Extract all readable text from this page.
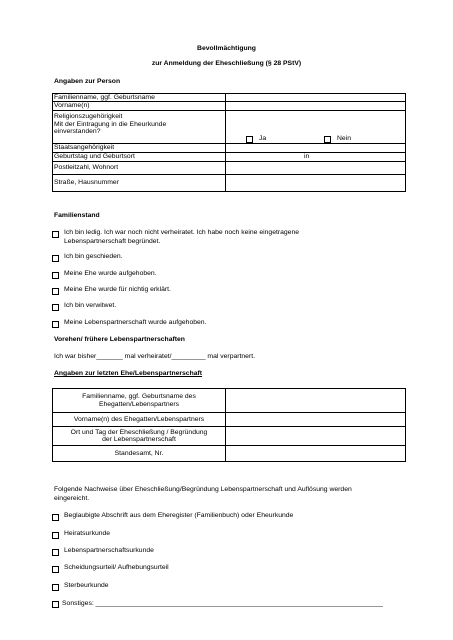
Bevollmächtigung
zur Anmeldung der Eheschließung (§ 28 PStV)
Angaben zur Person
Familienname, ggf. Geburtsname	
Vorname(n)	

Religionszugehörigkeit
Mit der Eintragung in die Eheurkunde
einverstanden?	Ja Nein

Staatsangehörigkeit	
Geburtstag und Geburtsort	in

Postleitzahl, Wohnort	
Straße, Hausnummer	
Familienstand
Ich bin ledig. Ich war noch nicht verheiratet. Ich habe noch keine eingetragene
Lebenspartnerschaft begründet.
Ich bin geschieden.
Meine Ehe wurde aufgehoben.
Meine Ehe wurde für nichtig erklärt.
Ich bin verwitwet.
Meine Lebenspartnerschaft wurde aufgehoben.
Vorehen/ frühere Lebenspartnerschaften
Ich war bisher_______ mal verheiratet/_________ mal verpartnert.
Angaben zur letzten Ehe/Lebenspartnerschaft
Familienname, ggf. Geburtsname des
Ehegatten/Lebenspartners	

Vorname(n) des Ehegatten/Lebenspartners	

Ort und Tag der Eheschließung / Begründung
der Lebenspartnerschaft	

Standesamt, Nr.	
Folgende Nachweise über Eheschließung/Begründung Lebenspartnerschaft und Auflösung werden
eingereicht.
Beglaubigte Abschrift aus dem Eheregister (Familienbuch) oder Eheurkunde
Heiratsurkunde
Lebenspartnerschaftsurkunde
Scheidungsurteil/ Aufhebungsurteil
Sterbeurkunde
Sonstiges: ____________________________________________________________________________
